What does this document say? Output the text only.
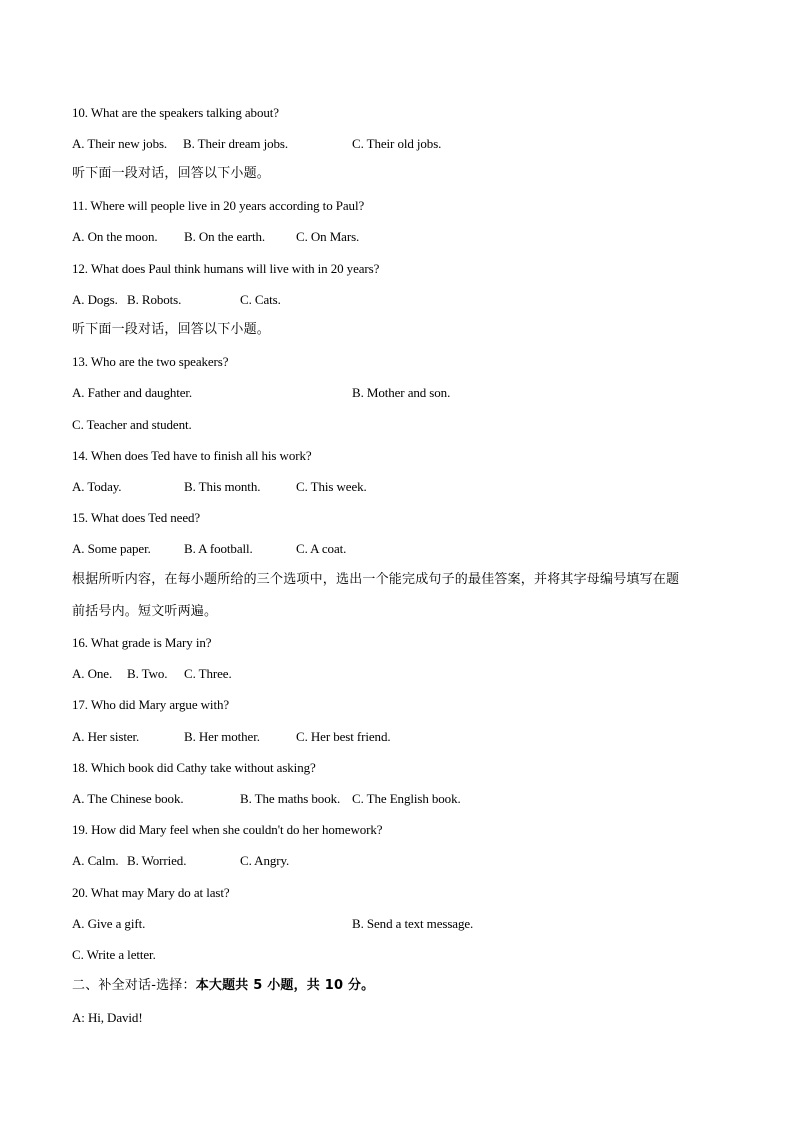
10. What are the speakers talking about?
A. Their new jobs. B. Their dream jobs.	C. Their old jobs.
听下面一段对话，回答以下小题。
11. Where will people live in 20 years according to Paul?
A. On the moon. B. On the earth. C. On Mars.
12. What does Paul think humans will live with in 20 years?
A. Dogs. B. Robots.	C. Cats.
听下面一段对话，回答以下小题。
13. Who are the two speakers?
A. Father and daughter.	B. Mother and son.
C. Teacher and student.
14. When does Ted have to finish all his work?
A. Today.	B. This month.	C. This week.
15. What does Ted need?
A. Some paper.	B. A football.	C. A coat.
根据所听内容，在每小题所给的三个选项中，选出一个能完成句子的最佳答案，并将其字母编号填写在题
前括号内。短文听两遍。
16. What grade is Mary in?
A. One. B. Two. C. Three.
17. Who did Mary argue with?
A. Her sister.	B. Her mother.	C. Her best friend.
18. Which book did Cathy take without asking?
A. The Chinese book.	B. The maths book. C. The English book.
19. How did Mary feel when she couldn't do her homework?
A. Calm. B. Worried.	C. Angry.
20. What may Mary do at last?
A. Give a gift.	B. Send a text message.
C. Write a letter.
二、补全对话-选择：本大题共 5 小题，共 10 分。
A: Hi, David!
